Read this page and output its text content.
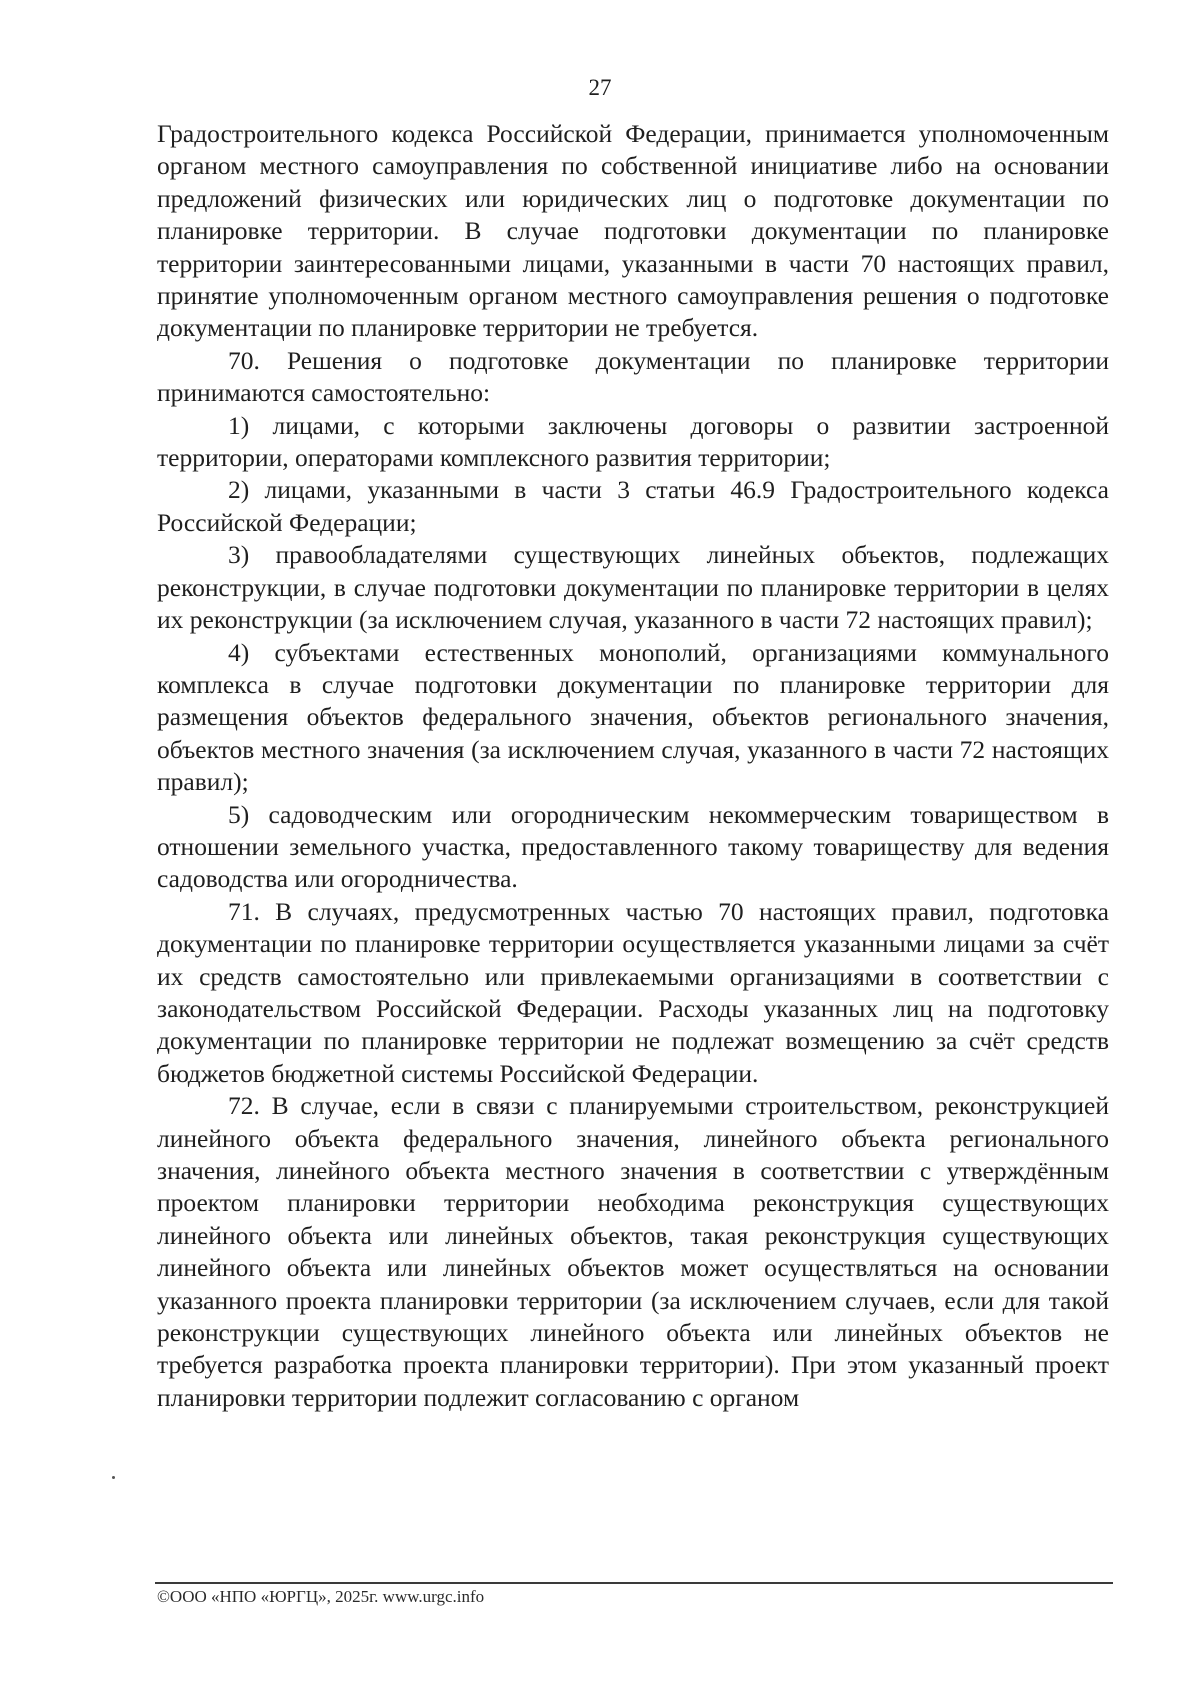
27

Градостроительного кодекса Российской Федерации, принимается уполномоченным органом местного самоуправления по собственной инициативе либо на основании предложений физических или юридических лиц о подготовке документации по планировке территории. В случае подготовки документации по планировке территории заинтересованными лицами, указанными в части 70 настоящих правил, принятие уполномоченным органом местного самоуправления решения о подготовке документации по планировке территории не требуется.

70. Решения о подготовке документации по планировке территории принимаются самостоятельно:

1) лицами, с которыми заключены договоры о развитии застроенной территории, операторами комплексного развития территории;

2) лицами, указанными в части 3 статьи 46.9 Градостроительного кодекса Российской Федерации;

3) правообладателями существующих линейных объектов, подлежащих реконструкции, в случае подготовки документации по планировке территории в целях их реконструкции (за исключением случая, указанного в части 72 настоящих правил);

4) субъектами естественных монополий, организациями коммунального комплекса в случае подготовки документации по планировке территории для размещения объектов федерального значения, объектов регионального значения, объектов местного значения (за исключением случая, указанного в части 72 настоящих правил);

5) садоводческим или огородническим некоммерческим товариществом в отношении земельного участка, предоставленного такому товариществу для ведения садоводства или огородничества.

71. В случаях, предусмотренных частью 70 настоящих правил, подготовка документации по планировке территории осуществляется указанными лицами за счёт их средств самостоятельно или привлекаемыми организациями в соответствии с законодательством Российской Федерации. Расходы указанных лиц на подготовку документации по планировке территории не подлежат возмещению за счёт средств бюджетов бюджетной системы Российской Федерации.

72. В случае, если в связи с планируемыми строительством, реконструкцией линейного объекта федерального значения, линейного объекта регионального значения, линейного объекта местного значения в соответствии с утверждённым проектом планировки территории необходима реконструкция существующих линейного объекта или линейных объектов, такая реконструкция существующих линейного объекта или линейных объектов может осуществляться на основании указанного проекта планировки территории (за исключением случаев, если для такой реконструкции существующих линейного объекта или линейных объектов не требуется разработка проекта планировки территории). При этом указанный проект планировки территории подлежит согласованию с органом

©ООО «НПО «ЮРГЦ», 2025г. www.urgc.info
